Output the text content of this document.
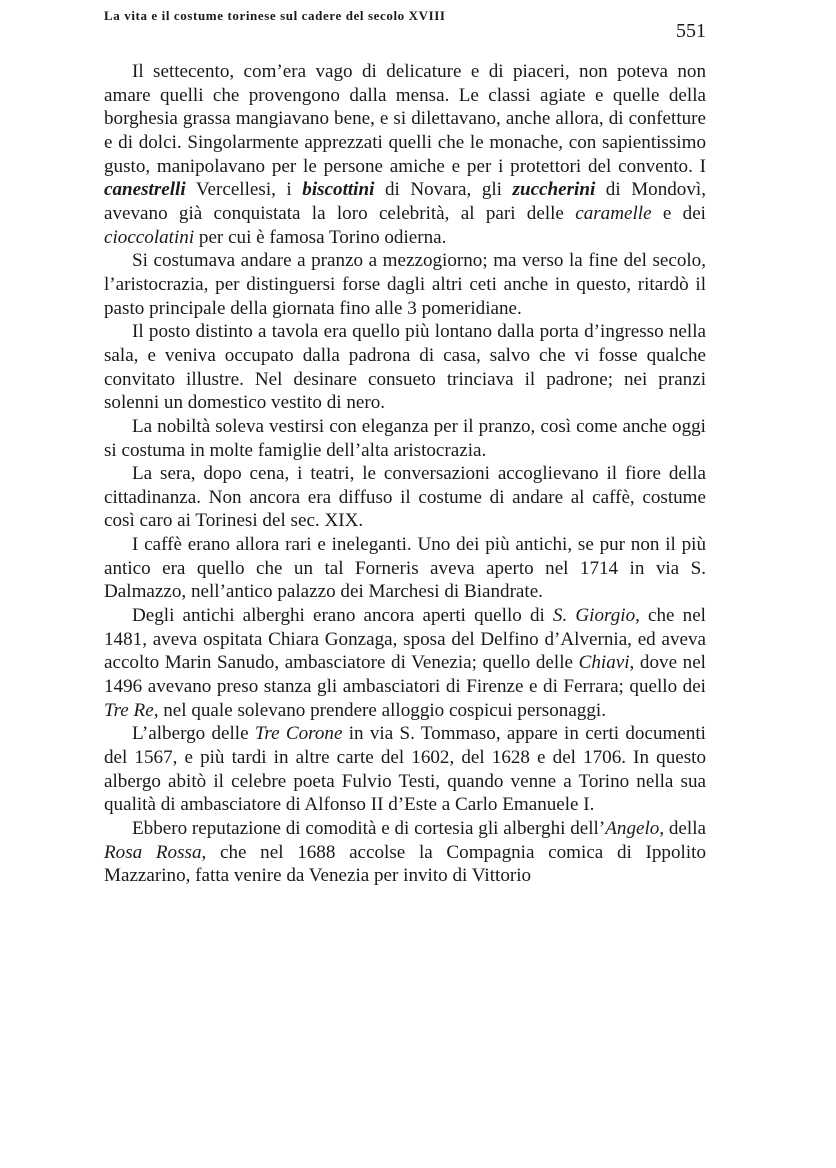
551
La vita e il costume torinese sul cadere del secolo XVIII

Il settecento, com’era vago di delicature e di piaceri, non poteva non amare quelli che provengono dalla mensa. Le classi agiate e quelle della borghesia grassa mangiavano bene, e si dilettavano, anche allora, di confetture e di dolci. Singolarmente apprezzati quelli che le monache, con sapientissimo gusto, manipolavano per le persone amiche e per i protettori del convento. I canestrelli Vercellesi, i biscottini di Novara, gli zuccherini di Mondovì, avevano già conquistata la loro celebrità, al pari delle caramelle e dei cioccolatini per cui è famosa Torino odierna.

Si costumava andare a pranzo a mezzogiorno; ma verso la fine del secolo, l’aristocrazia, per distinguersi forse dagli altri ceti anche in questo, ritardò il pasto principale della giornata fino alle 3 pomeridiane.

Il posto distinto a tavola era quello più lontano dalla porta d’ingresso nella sala, e veniva occupato dalla padrona di casa, salvo che vi fosse qualche convitato illustre. Nel desinare consueto trinciava il padrone; nei pranzi solenni un domestico vestito di nero.

La nobiltà soleva vestirsi con eleganza per il pranzo, così come anche oggi si costuma in molte famiglie dell’alta aristocrazia.

La sera, dopo cena, i teatri, le conversazioni accoglievano il fiore della cittadinanza. Non ancora era diffuso il costume di andare al caffè, costume così caro ai Torinesi del sec. XIX.

I caffè erano allora rari e ineleganti. Uno dei più antichi, se pur non il più antico era quello che un tal Forneris aveva aperto nel 1714 in via S. Dalmazzo, nell’antico palazzo dei Marchesi di Biandrate.

Degli antichi alberghi erano ancora aperti quello di S. Giorgio, che nel 1481, aveva ospitata Chiara Gonzaga, sposa del Delfino d’Alvernia, ed aveva accolto Marin Sanudo, ambasciatore di Venezia; quello delle Chiavi, dove nel 1496 avevano preso stanza gli ambasciatori di Firenze e di Ferrara; quello dei Tre Re, nel quale solevano prendere alloggio cospicui personaggi.

L’albergo delle Tre Corone in via S. Tommaso, appare in certi documenti del 1567, e più tardi in altre carte del 1602, del 1628 e del 1706. In questo albergo abitò il celebre poeta Fulvio Testi, quando venne a Torino nella sua qualità di ambasciatore di Alfonso II d’Este a Carlo Emanuele I.

Ebbero reputazione di comodità e di cortesia gli alberghi dell’Angelo, della Rosa Rossa, che nel 1688 accolse la Compagnia comica di Ippolito Mazzarino, fatta venire da Venezia per invito di Vittorio
